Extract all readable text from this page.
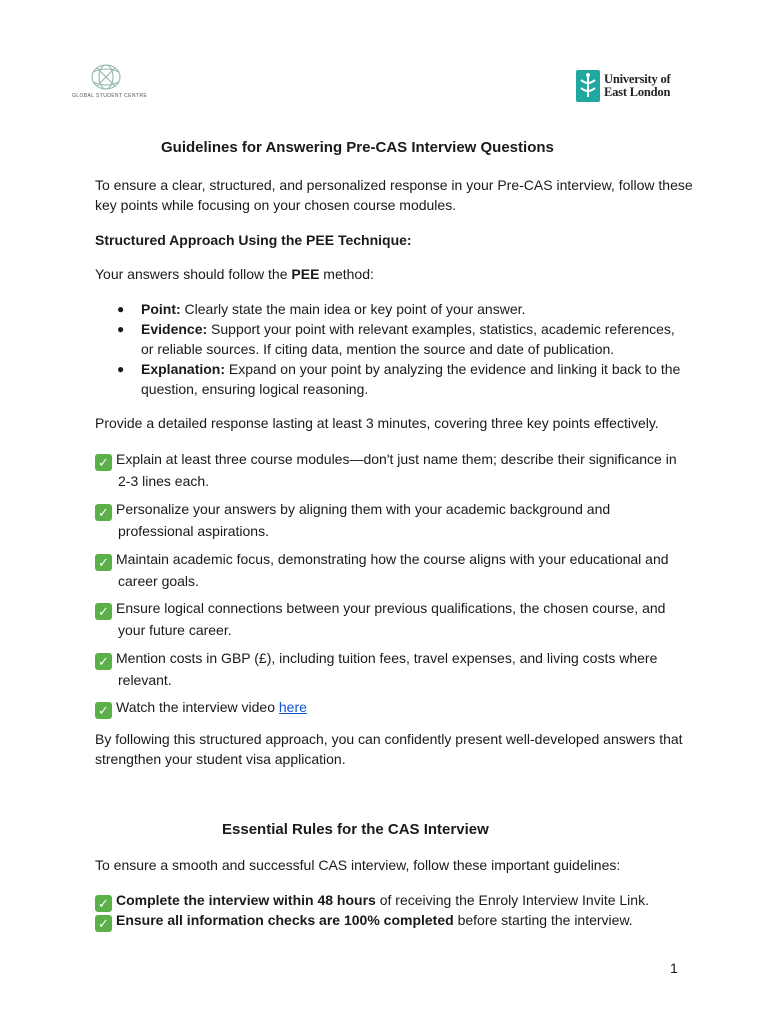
GLOBAL STUDENT CENTRE
University of
East London
Guidelines for Answering Pre-CAS Interview Questions

To ensure a clear, structured, and personalized response in your Pre-CAS interview, follow these
key points while focusing on your chosen course modules.

Structured Approach Using the PEE Technique:

Your answers should follow the PEE method:

● Point: Clearly state the main idea or key point of your answer.
● Evidence: Support your point with relevant examples, statistics, academic references, or reliable sources. If citing data, mention the source and date of publication.
● Explanation: Expand on your point by analyzing the evidence and linking it back to the question, ensuring logical reasoning.

Provide a detailed response lasting at least 3 minutes, covering three key points effectively.

✓ Explain at least three course modules—don't just name them; describe their significance in
2-3 lines each.
✓ Personalize your answers by aligning them with your academic background and
professional aspirations.
✓ Maintain academic focus, demonstrating how the course aligns with your educational and
career goals.
✓ Ensure logical connections between your previous qualifications, the chosen course, and
your future career.
✓ Mention costs in GBP (£), including tuition fees, travel expenses, and living costs where
relevant.
✓ Watch the interview video here

By following this structured approach, you can confidently present well-developed answers that
strengthen your student visa application.

Essential Rules for the CAS Interview

To ensure a smooth and successful CAS interview, follow these important guidelines:

✓ Complete the interview within 48 hours of receiving the Enroly Interview Invite Link.
✓ Ensure all information checks are 100% completed before starting the interview.
1
